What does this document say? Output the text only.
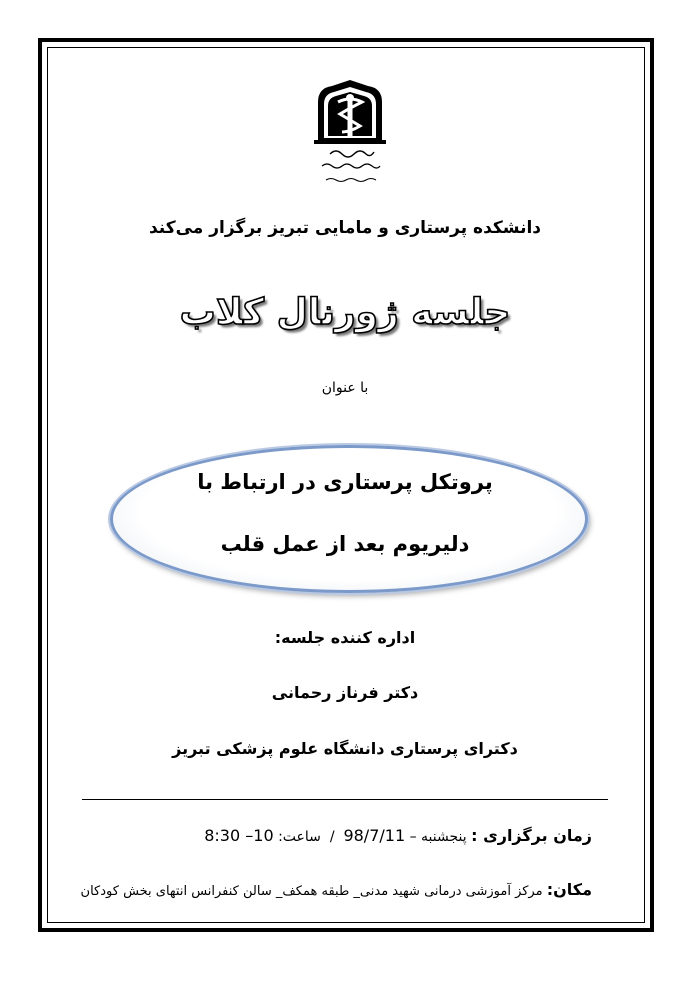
دانشکده پرستاری و مامایی تبریز برگزار می‌کند
جلسه ژورنال کلاب
با عنوان
پروتکل پرستاری در ارتباط با
دلیریوم بعد از عمل قلب
اداره کننده جلسه:
دکتر فرناز رحمانی
دکترای پرستاری دانشگاه علوم پزشکی تبریز
زمان برگزاری : پنجشنبه – 98/7/11  /  ساعت: 10– 8:30
مکان: مرکز آموزشی درمانی شهید مدنی_ طبقه همکف_ سالن کنفرانس انتهای بخش کودکان
